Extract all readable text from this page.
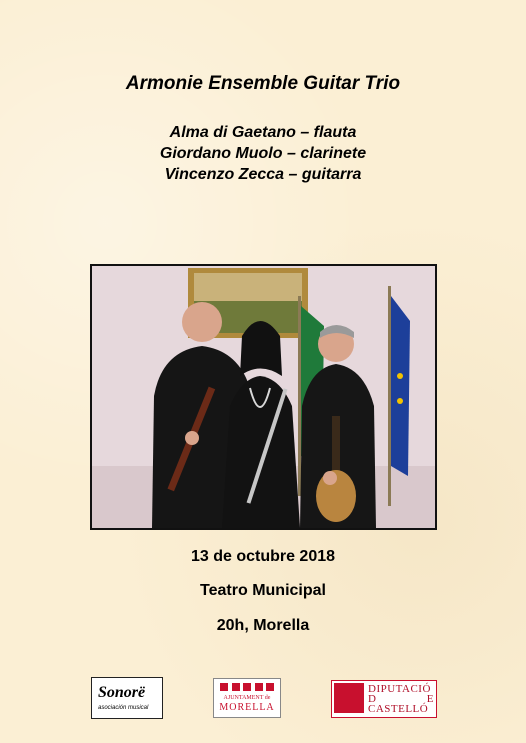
Armonie Ensemble Guitar Trio
Alma di Gaetano – flauta
Giordano Muolo – clarinete
Vincenzo Zecca – guitarra
13 de octubre 2018
Teatro Municipal
20h, Morella
Sonorë
asociación musical
AJUNTAMENT de
MORELLA
DIPUTACIÓ
D	E
CASTELLÓ
